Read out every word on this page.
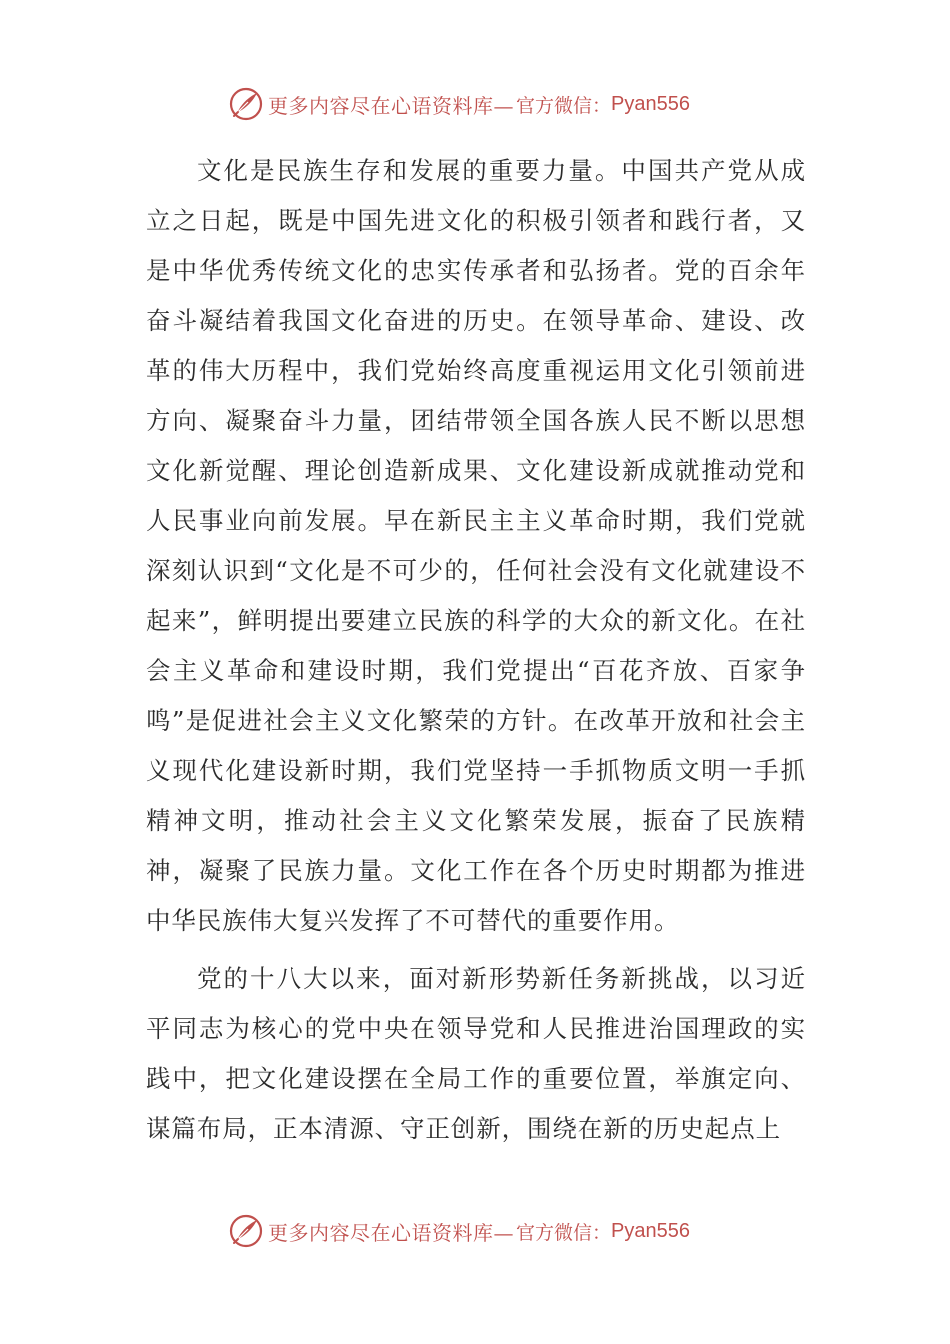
更多内容尽在心语资料库— 官方微信： Pyan556

文化是民族生存和发展的重要力量。中国共产党从成立之日起，既是中国先进文化的积极引领者和践行者，又是中华优秀传统文化的忠实传承者和弘扬者。党的百余年奋斗凝结着我国文化奋进的历史。在领导革命、建设、改革的伟大历程中，我们党始终高度重视运用文化引领前进方向、凝聚奋斗力量，团结带领全国各族人民不断以思想文化新觉醒、理论创造新成果、文化建设新成就推动党和人民事业向前发展。早在新民主主义革命时期，我们党就深刻认识到“文化是不可少的，任何社会没有文化就建设不起来”，鲜明提出要建立民族的科学的大众的新文化。在社会主义革命和建设时期，我们党提出“百花齐放、百家争鸣”是促进社会主义文化繁荣的方针。在改革开放和社会主义现代化建设新时期，我们党坚持一手抓物质文明一手抓精神文明，推动社会主义文化繁荣发展，振奋了民族精神，凝聚了民族力量。文化工作在各个历史时期都为推进中华民族伟大复兴发挥了不可替代的重要作用。

党的十八大以来，面对新形势新任务新挑战，以习近平同志为核心的党中央在领导党和人民推进治国理政的实践中，把文化建设摆在全局工作的重要位置，举旗定向、谋篇布局，正本清源、守正创新，围绕在新的历史起点上

更多内容尽在心语资料库— 官方微信： Pyan556
